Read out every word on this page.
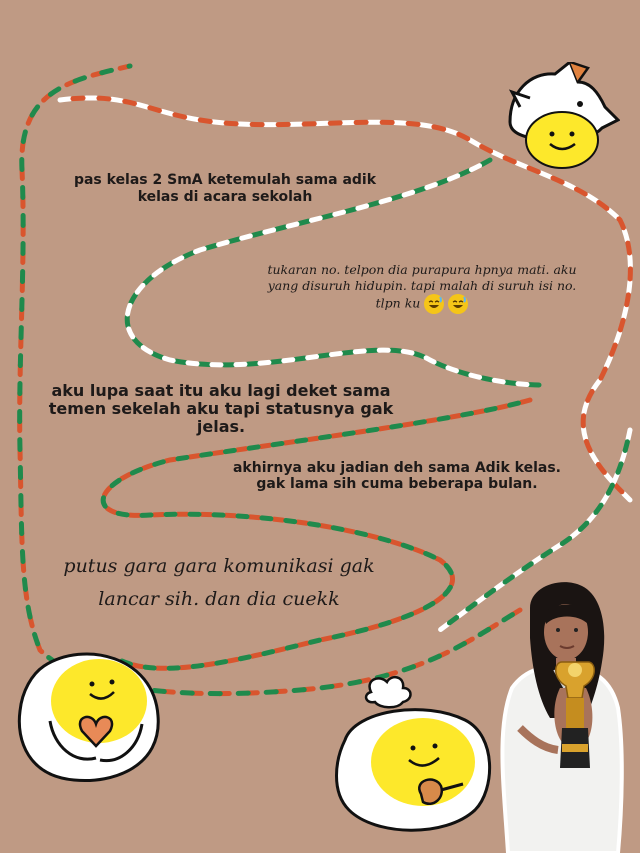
pas kelas 2 SmA ketemulah sama adik kelas di acara sekolah
tukaran no. telpon dia purapura hpnya mati. aku yang disuruh hidupin. tapi malah di suruh isi no. tlpn ku
aku lupa saat itu aku lagi deket sama temen sekelah aku tapi statusnya gak jelas.
akhirnya aku jadian deh sama Adik kelas.
gak lama sih cuma beberapa bulan.
putus gara gara komunikasi gak lancar sih. dan dia cuekk
